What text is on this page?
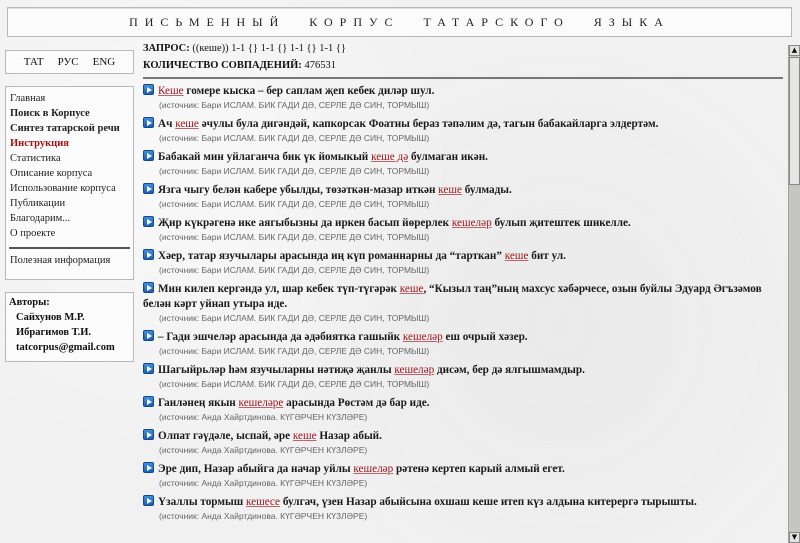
ПИСЬМЕННЫЙ КОРПУС ТАТАРСКОГО ЯЗЫКА
ТАТ РУС ENG
Главная
Поиск в Корпусе
Синтез татарской речи
Инструкция
Статистика
Описание корпуса
Использование корпуса
Публикации
Благодарим...
О проекте
Полезная информация
Авторы:
Сайхунов М.Р.
Ибрагимов Т.И.
tatcorpus@gmail.com
ЗАПРОС: ((кеше)) 1-1 {} 1-1 {} 1-1 {} 1-1 {}
КОЛИЧЕСТВО СОВПАДЕНИЙ: 476531
Кеше гомере кыска – бер саплам җеп кебек диләр шул.
(источник: Бари ИСЛАМ. БИК ГАДИ ДӘ, СЕРЛЕ ДӘ СИН, ТОРМЫШ)
Ач кеше әчулы була дигәндәй, капкорсак Фоатны бераз тәпәлим дә, тагын бабакайларга элдертәм.
(источник: Бари ИСЛАМ. БИК ГАДИ ДӘ, СЕРЛЕ ДӘ СИН, ТОРМЫШ)
Бабакай мин уйлаганча бик үк йомыкый кеше дә булмаган икән.
(источник: Бари ИСЛАМ. БИК ГАДИ ДӘ, СЕРЛЕ ДӘ СИН, ТОРМЫШ)
Язга чыгу белән кабере убылды, төзәткән-мазар иткән кеше булмады.
(источник: Бари ИСЛАМ. БИК ГАДИ ДӘ, СЕРЛЕ ДӘ СИН, ТОРМЫШ)
Җир күкрәгенә ике аягыбызны да иркен басып йөрерлек кешеләр булып җитештек шикелле.
(источник: Бари ИСЛАМ. БИК ГАДИ ДӘ, СЕРЛЕ ДӘ СИН, ТОРМЫШ)
Хәер, татар язучылары арасында иң күп романнарны да “тарткан” кеше бит ул.
(источник: Бари ИСЛАМ. БИК ГАДИ ДӘ, СЕРЛЕ ДӘ СИН, ТОРМЫШ)
Мин килеп кергәндә ул, шар кебек түп-түгәрәк кеше, “Кызыл таң”ның махсус хәбәрчесе, озын буйлы Эдуард Әгъзәмов белән кәрт уйнап утыра иде.
(источник: Бари ИСЛАМ. БИК ГАДИ ДӘ, СЕРЛЕ ДӘ СИН, ТОРМЫШ)
– Гади эшчеләр арасында да әдәбиятка гашыйк кешеләр еш очрый хәзер.
(источник: Бари ИСЛАМ. БИК ГАДИ ДӘ, СЕРЛЕ ДӘ СИН, ТОРМЫШ)
Шагыйрьләр һәм язучыларны нәтиҗә җанлы кешеләр дисәм, бер дә ялгышмамдыр.
(источник: Бари ИСЛАМ. БИК ГАДИ ДӘ, СЕРЛЕ ДӘ СИН, ТОРМЫШ)
Гаиләнең якын кешеләре арасында Рөстәм дә бар иде.
(источник: Анда Хайртдинова. КҮГӘРЧЕН КҮЗЛӘРЕ)
Олпат гәүдәле, ыспай, әре кеше Назар абый.
(источник: Анда Хайртдинова. КҮГӘРЧЕН КҮЗЛӘРЕ)
Эре дип, Назар абыйга да начар уйлы кешеләр рәтенә кертеп карый алмый егет.
(источник: Анда Хайртдинова. КҮГӘРЧЕН КҮЗЛӘРЕ)
Үзаллы тормыш кешесе булгач, үзен Назар абыйсына охшаш кеше итеп күз алдына китерергә тырышты.
(источник: Анда Хайртдинова. КҮГӘРЧЕН КҮЗЛӘРЕ)
▲
▼
